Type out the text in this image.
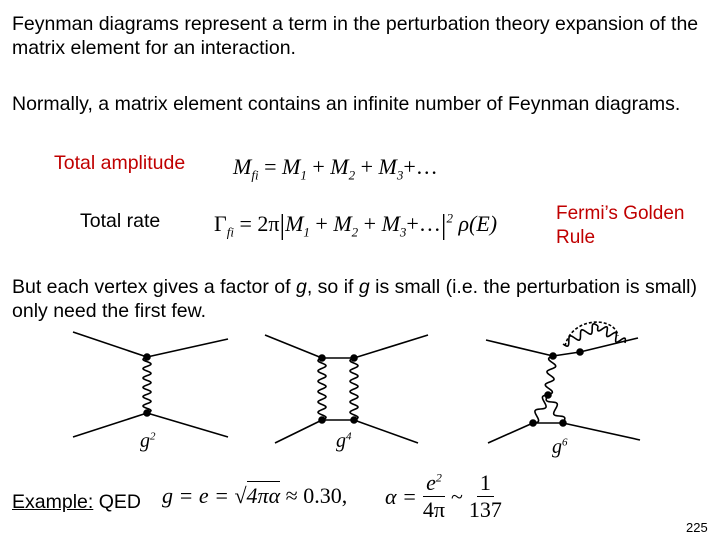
Feynman diagrams represent a term in the perturbation theory expansion of the matrix element for an interaction.

Normally, a matrix element contains an infinite number of Feynman diagrams.

Total amplitude $M_{fi} = M_1 + M_2$ + $M_3+\dots$
Total rate $\Gamma_{fi} = 2\pi|M_1 + M_2$ + $M_3+\dots|^2$ ρ(E)	Fermi’s Golden Rule

But each vertex gives a factor of g, so if g is small (i.e. the perturbation is small) only need the first few.

$g^2$	$g^4$	$g^6$
Example: QED g = e = √4πα ≈ 0.30, $\alpha = \frac{e^2}{4\pi}$ ~
1
137
225
